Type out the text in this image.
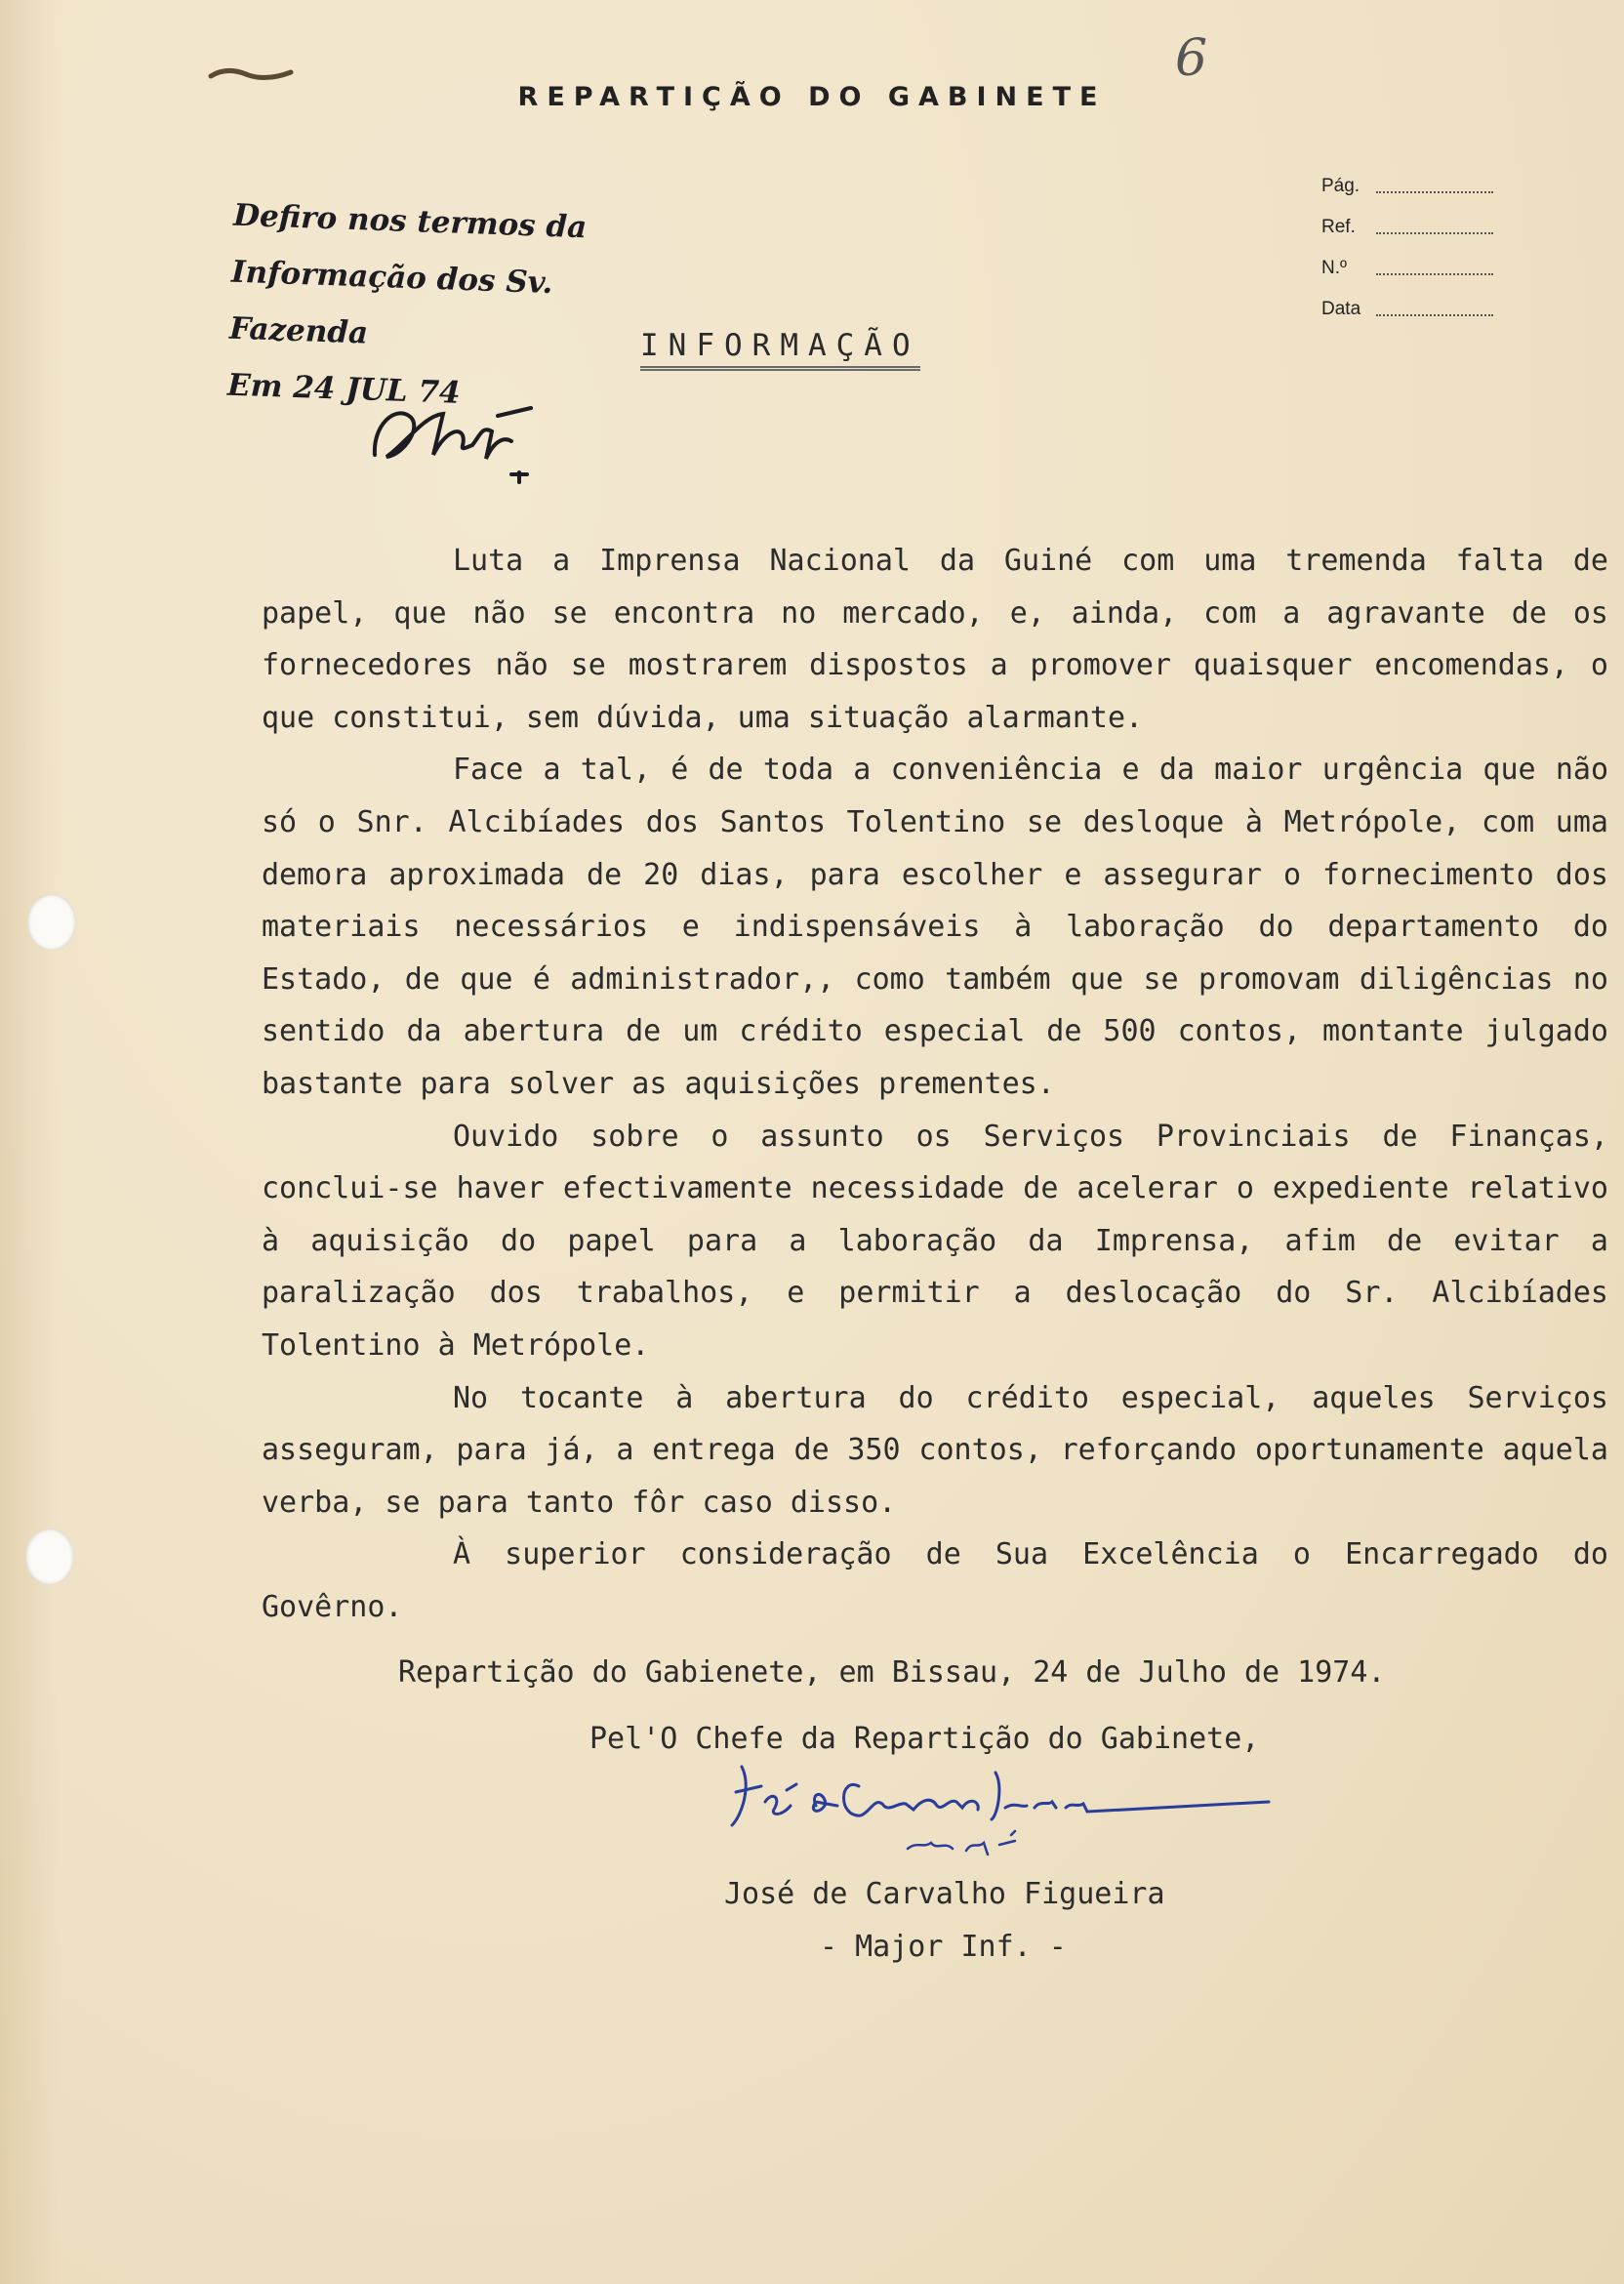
REPARTIÇÃO DO GABINETE
6
Pág.
Ref.
N.º
Data
Defiro nos termos da
Informação dos Sv. Fazenda
Em 24 JUL 74
INFORMAÇÃO

Luta a Imprensa Nacional da Guiné com uma tremenda falta de papel, que não se encontra no mercado, e, ainda, com a agravante de os fornecedores não se mostrarem dispostos a promover quaisquer encomendas, o que constitui, sem dúvida, uma situação alarmante.

Face a tal, é de toda a conveniência e da maior urgência que não só o Snr. Alcibíades dos Santos Tolentino se desloque à Metrópole, com uma demora aproximada de 20 dias, para escolher e assegurar o fornecimento dos materiais necessários e indispensáveis à laboração do departamento do Estado, de que é administrador,, como também que se promovam diligências no sentido da abertura de um crédito especial de 500 contos, montante julgado bastante para solver as aquisições prementes.

Ouvido sobre o assunto os Serviços Provinciais de Finanças, conclui-se haver efectivamente necessidade de acelerar o expediente relativo à aquisição do papel para a laboração da Imprensa, afim de evitar a paralização dos trabalhos, e permitir a deslocação do Sr. Alcibíades Tolentino à Metrópole.

No tocante à abertura do crédito especial, aqueles Serviços asseguram, para já, a entrega de 350 contos, reforçando oportunamente aquela verba, se para tanto fôr caso disso.

À superior consideração de Sua Excelência o Encarregado do Govêrno.

Repartição do Gabienete, em Bissau, 24 de Julho de 1974.

Pel'O Chefe da Repartição do Gabinete,

José de Carvalho Figueira
- Major Inf. -
